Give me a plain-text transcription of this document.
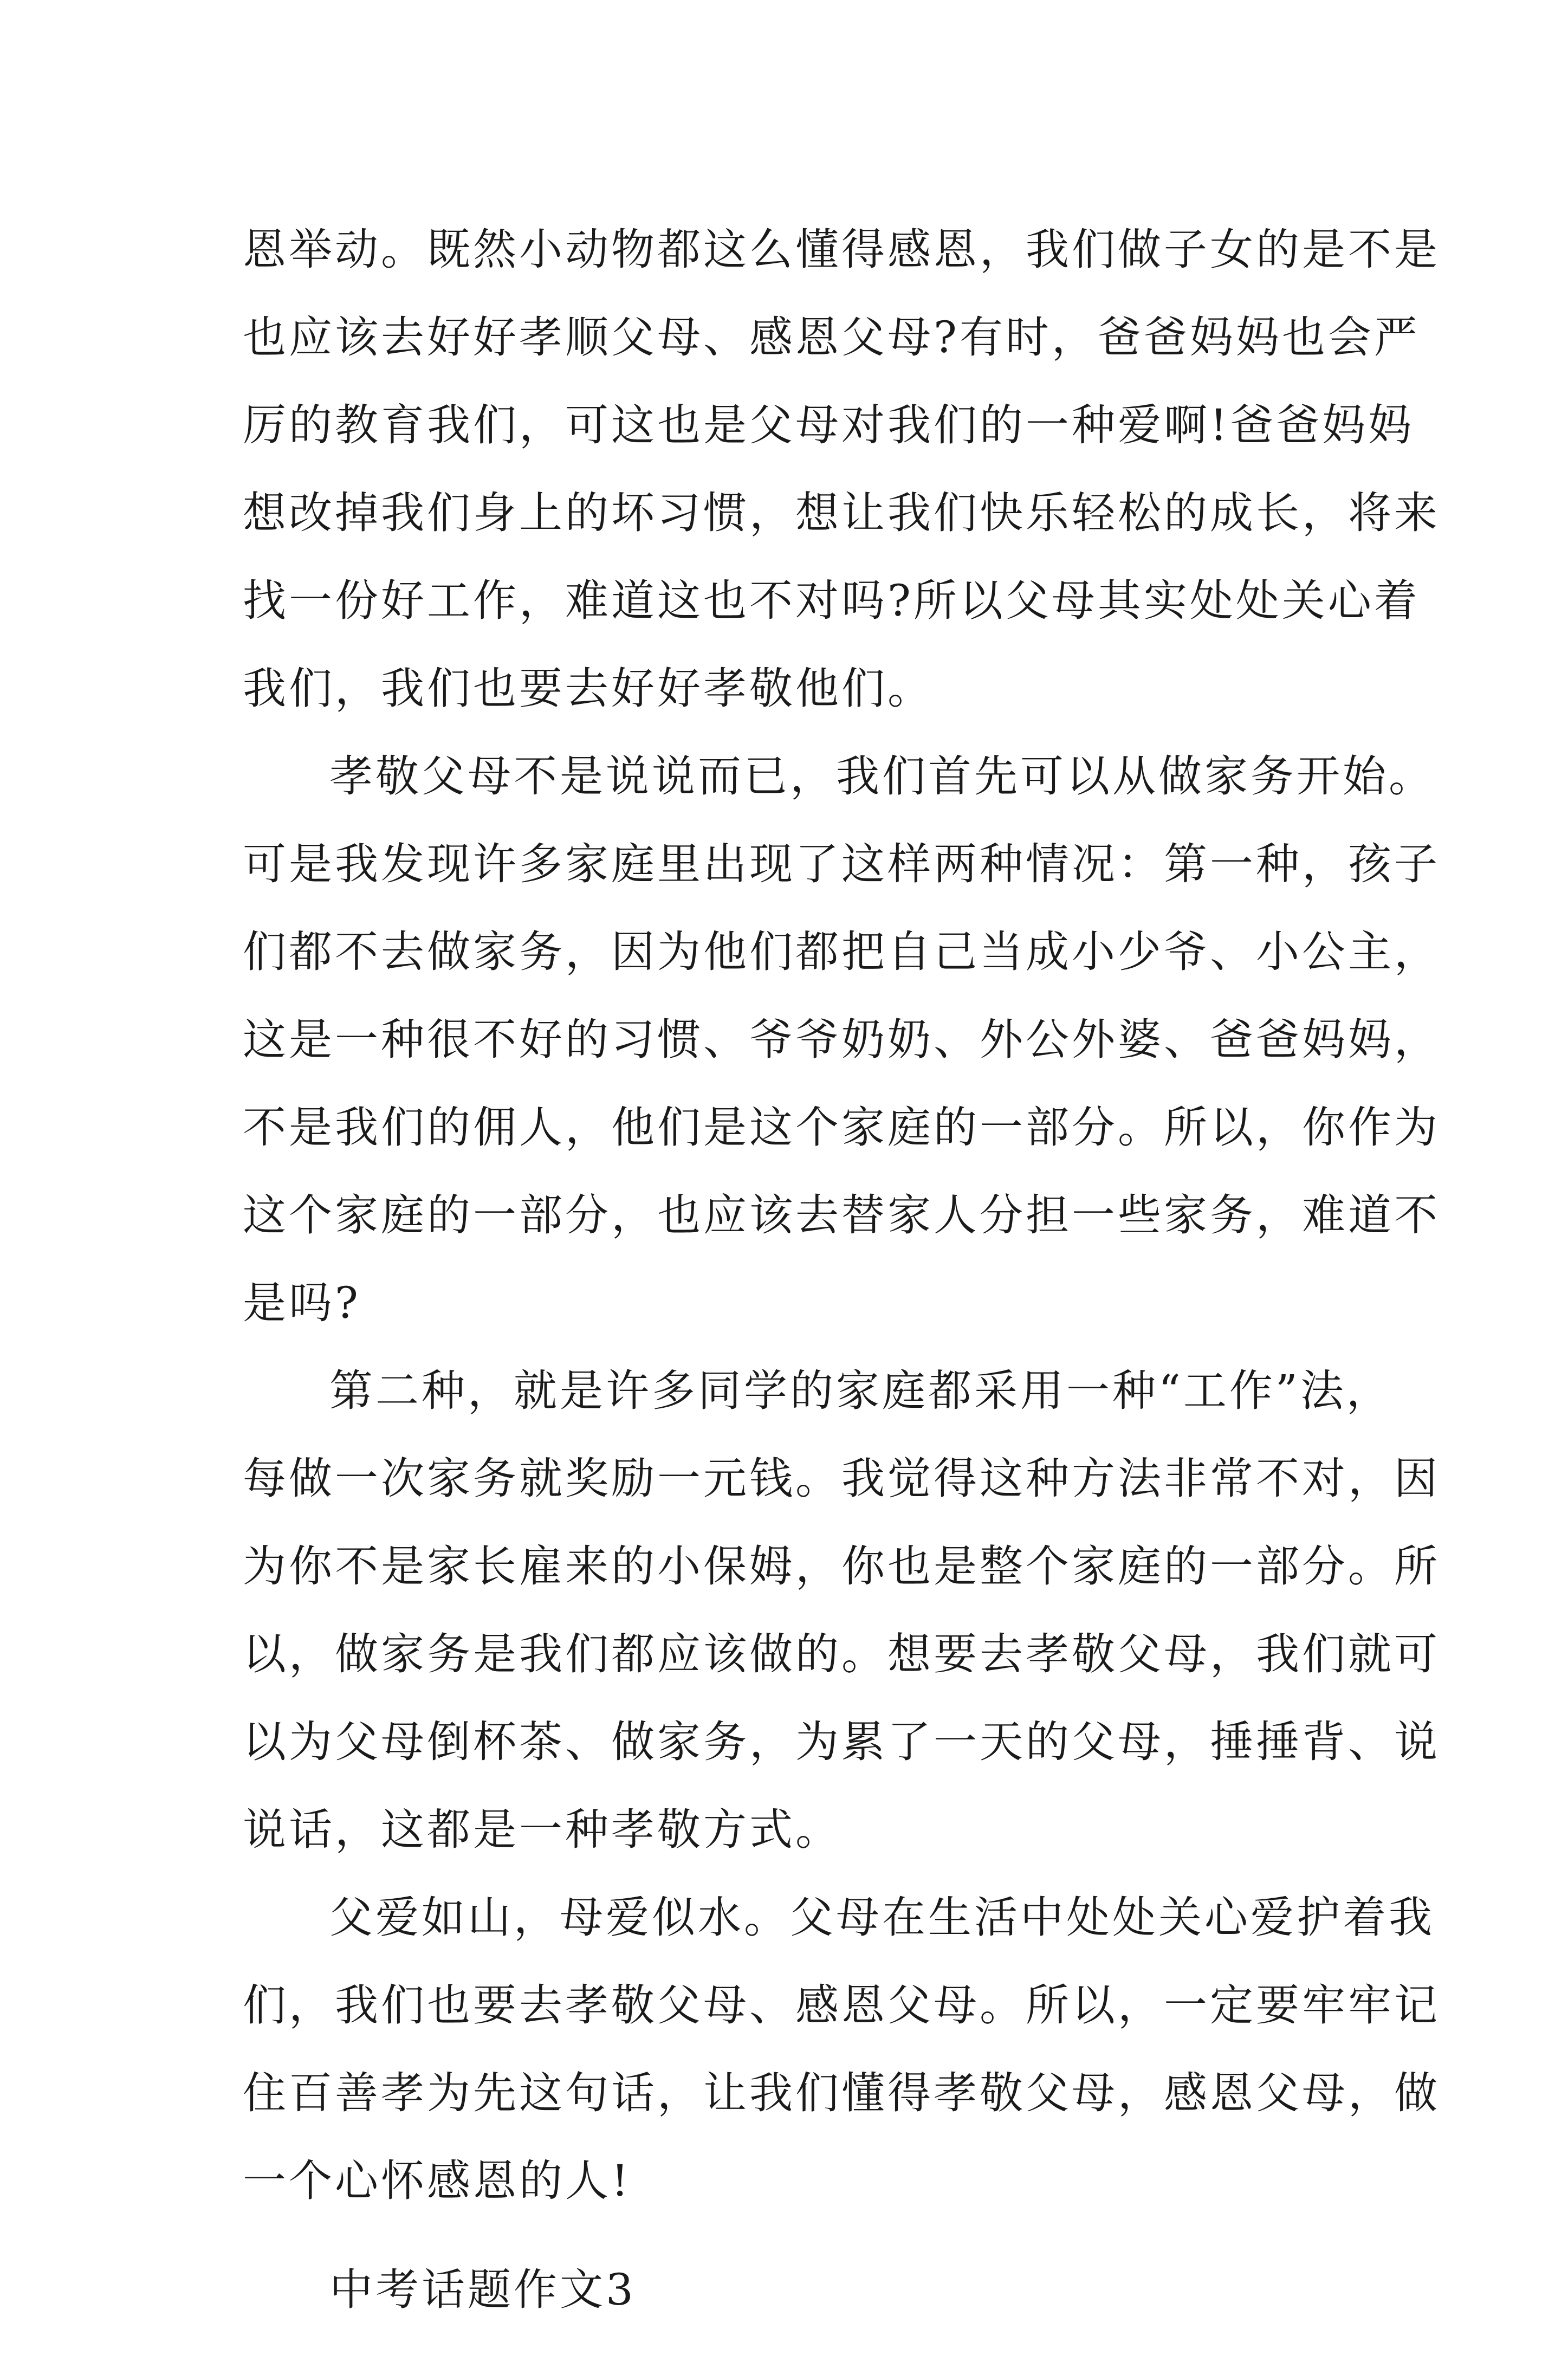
恩举动。既然小动物都这么懂得感恩，我们做子女的是不是
也应该去好好孝顺父母、感恩父母?有时，爸爸妈妈也会严
厉的教育我们，可这也是父母对我们的一种爱啊!爸爸妈妈
想改掉我们身上的坏习惯，想让我们快乐轻松的成长，将来
找一份好工作，难道这也不对吗?所以父母其实处处关心着
我们，我们也要去好好孝敬他们。
孝敬父母不是说说而已，我们首先可以从做家务开始。
可是我发现许多家庭里出现了这样两种情况：第一种，孩子
们都不去做家务，因为他们都把自己当成小少爷、小公主，
这是一种很不好的习惯、爷爷奶奶、外公外婆、爸爸妈妈，
不是我们的佣人，他们是这个家庭的一部分。所以，你作为
这个家庭的一部分，也应该去替家人分担一些家务，难道不
是吗?
第二种，就是许多同学的家庭都采用一种“工作”法，
每做一次家务就奖励一元钱。我觉得这种方法非常不对，因
为你不是家长雇来的小保姆，你也是整个家庭的一部分。所
以，做家务是我们都应该做的。想要去孝敬父母，我们就可
以为父母倒杯茶、做家务，为累了一天的父母，捶捶背、说
说话，这都是一种孝敬方式。
父爱如山，母爱似水。父母在生活中处处关心爱护着我
们，我们也要去孝敬父母、感恩父母。所以，一定要牢牢记
住百善孝为先这句话，让我们懂得孝敬父母，感恩父母，做
一个心怀感恩的人!
中考话题作文3
